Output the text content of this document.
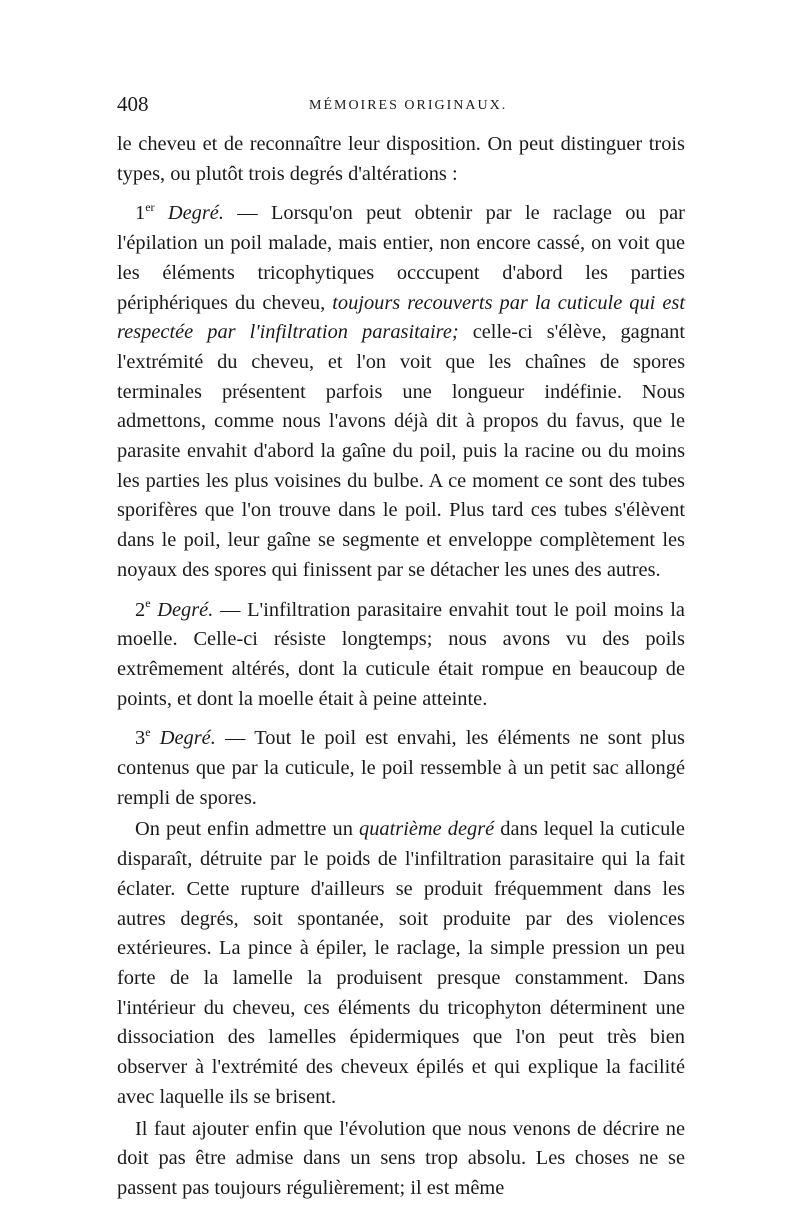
408	MÉMOIRES ORIGINAUX.

le cheveu et de reconnaître leur disposition. On peut distinguer trois types, ou plutôt trois degrés d'altérations :

1er Degré. — Lorsqu'on peut obtenir par le raclage ou par l'épilation un poil malade, mais entier, non encore cassé, on voit que les éléments tricophytiques occcupent d'abord les parties périphériques du cheveu, toujours recouverts par la cuticule qui est respectée par l'infiltration parasitaire; celle-ci s'élève, gagnant l'extrémité du cheveu, et l'on voit que les chaînes de spores terminales présentent parfois une longueur indéfinie. Nous admettons, comme nous l'avons déjà dit à propos du favus, que le parasite envahit d'abord la gaîne du poil, puis la racine ou du moins les parties les plus voisines du bulbe. A ce moment ce sont des tubes sporifères que l'on trouve dans le poil. Plus tard ces tubes s'élèvent dans le poil, leur gaîne se segmente et enveloppe complètement les noyaux des spores qui finissent par se détacher les unes des autres.

2e Degré. — L'infiltration parasitaire envahit tout le poil moins la moelle. Celle-ci résiste longtemps; nous avons vu des poils extrêmement altérés, dont la cuticule était rompue en beaucoup de points, et dont la moelle était à peine atteinte.

3e Degré. — Tout le poil est envahi, les éléments ne sont plus contenus que par la cuticule, le poil ressemble à un petit sac allongé rempli de spores.

On peut enfin admettre un quatrième degré dans lequel la cuticule disparaît, détruite par le poids de l'infiltration parasitaire qui la fait éclater. Cette rupture d'ailleurs se produit fréquemment dans les autres degrés, soit spontanée, soit produite par des violences extérieures. La pince à épiler, le raclage, la simple pression un peu forte de la lamelle la produisent presque constamment. Dans l'intérieur du cheveu, ces éléments du tricophyton déterminent une dissociation des lamelles épidermiques que l'on peut très bien observer à l'extrémité des cheveux épilés et qui explique la facilité avec laquelle ils se brisent.

Il faut ajouter enfin que l'évolution que nous venons de décrire ne doit pas être admise dans un sens trop absolu. Les choses ne se passent pas toujours régulièrement; il est même
